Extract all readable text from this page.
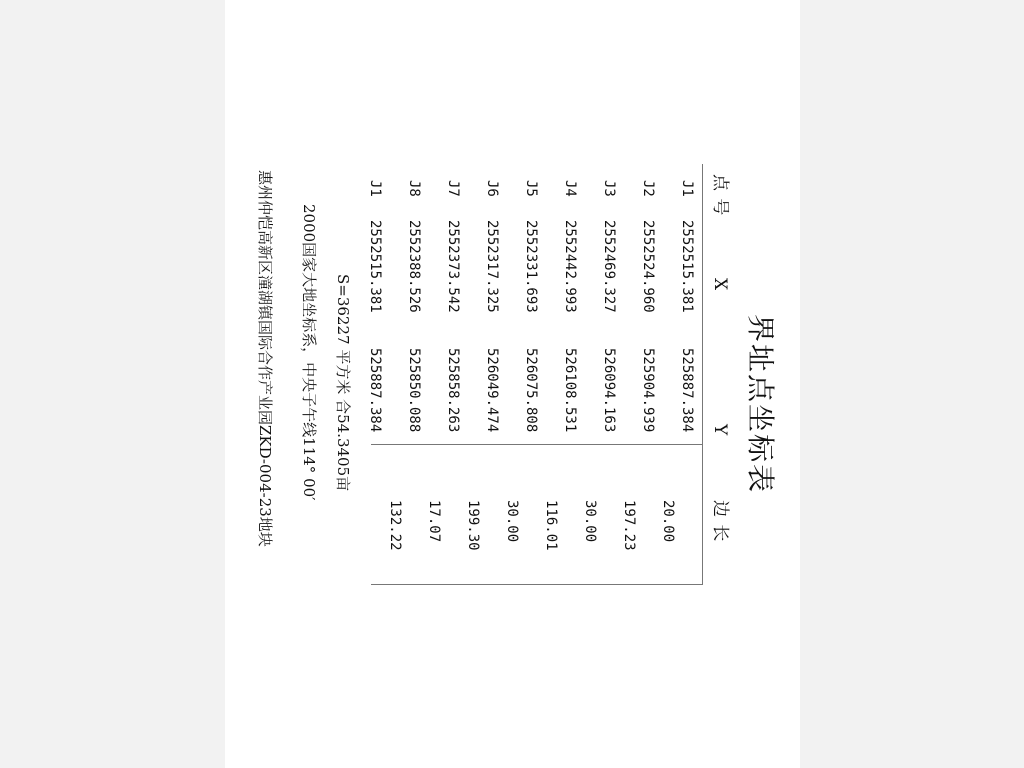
界址点坐标表
点 号
X
Y
边 长
J1
J2
J3
J4
J5
J6
J7
J8
J1
2552515.381
2552524.960
2552469.327
2552442.993
2552331.693
2552317.325
2552373.542
2552388.526
2552515.381
525887.384
525904.939
526094.163
526108.531
526075.808
526049.474
525858.263
525850.088
525887.384
20.00
197.23
30.00
116.01
30.00
199.30
17.07
132.22
S=36227 平方米 合54.3405亩
2000国家大地坐标系，中央子午线114° 00′
惠州仲恺高新区潼湖镇国际合作产业园ZKD-004-23地块
